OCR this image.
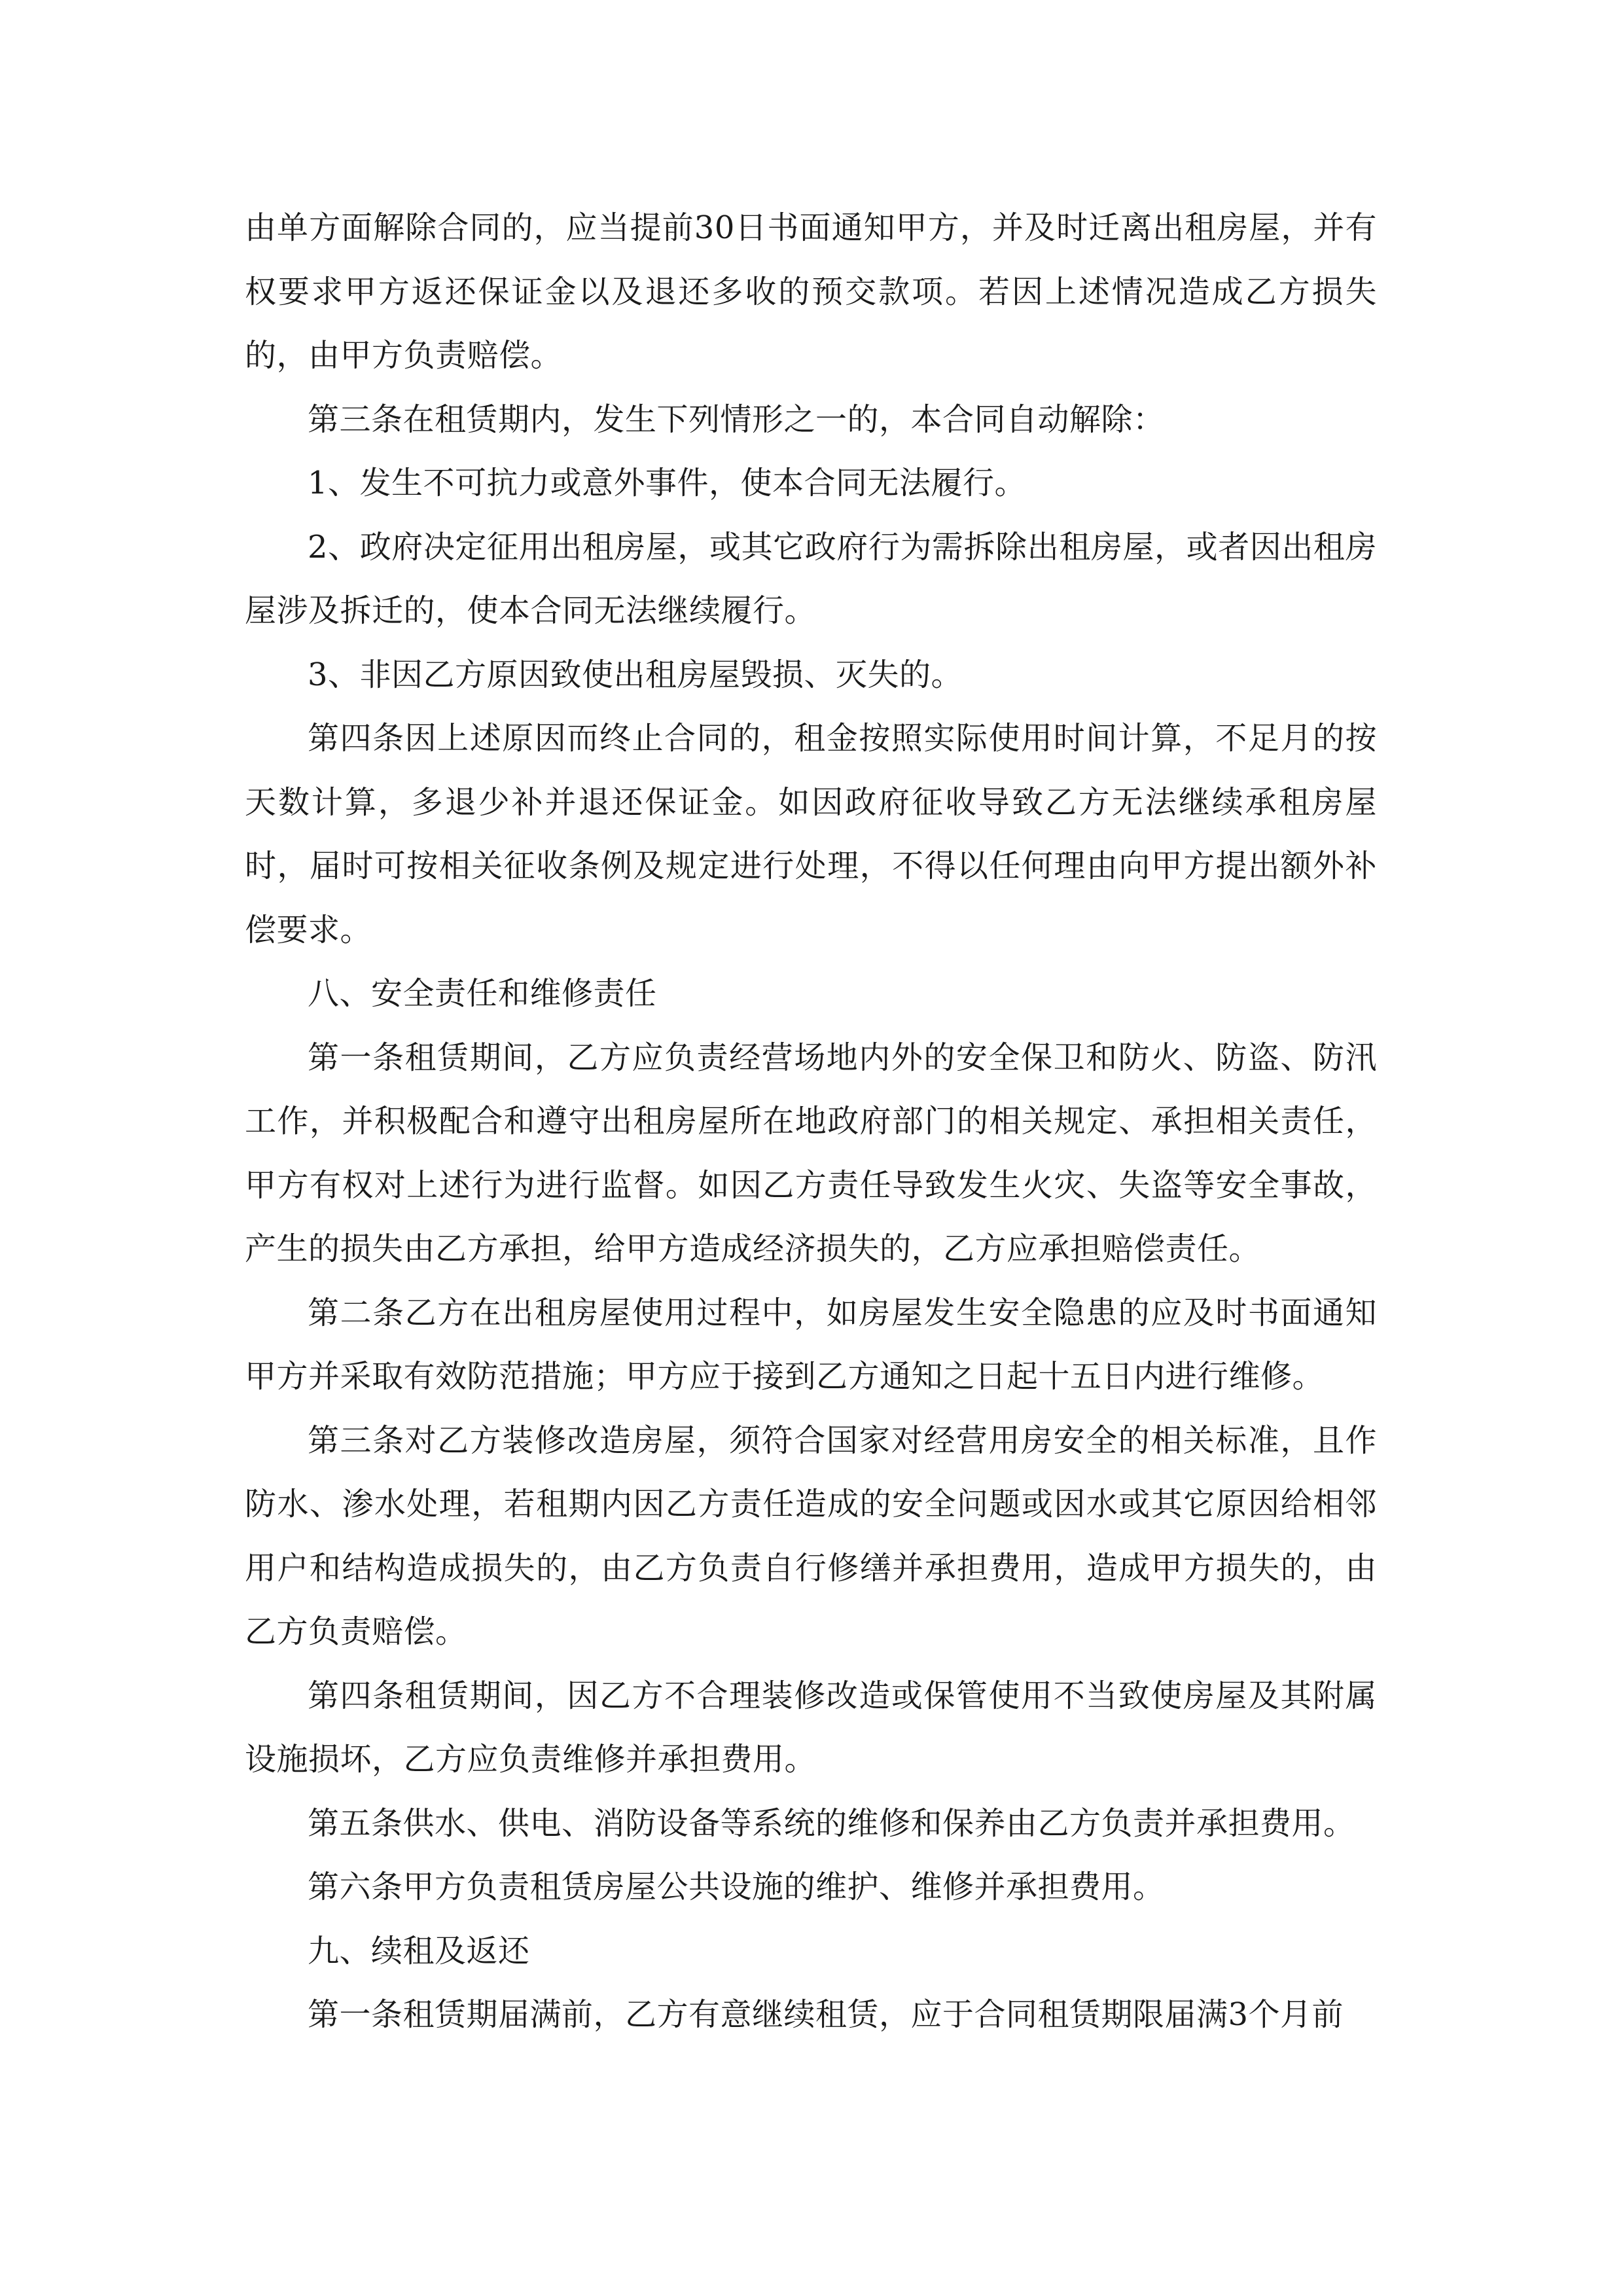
由单方面解除合同的，应当提前30日书面通知甲方，并及时迁离出租房屋，并有权要求甲方返还保证金以及退还多收的预交款项。若因上述情况造成乙方损失的，由甲方负责赔偿。

第三条在租赁期内，发生下列情形之一的，本合同自动解除：

1、发生不可抗力或意外事件，使本合同无法履行。

2、政府决定征用出租房屋，或其它政府行为需拆除出租房屋，或者因出租房屋涉及拆迁的，使本合同无法继续履行。

3、非因乙方原因致使出租房屋毁损、灭失的。

第四条因上述原因而终止合同的，租金按照实际使用时间计算，不足月的按天数计算，多退少补并退还保证金。如因政府征收导致乙方无法继续承租房屋时，届时可按相关征收条例及规定进行处理，不得以任何理由向甲方提出额外补偿要求。

八、安全责任和维修责任

第一条租赁期间，乙方应负责经营场地内外的安全保卫和防火、防盗、防汛工作，并积极配合和遵守出租房屋所在地政府部门的相关规定、承担相关责任，甲方有权对上述行为进行监督。如因乙方责任导致发生火灾、失盗等安全事故，产生的损失由乙方承担，给甲方造成经济损失的，乙方应承担赔偿责任。

第二条乙方在出租房屋使用过程中，如房屋发生安全隐患的应及时书面通知甲方并采取有效防范措施；甲方应于接到乙方通知之日起十五日内进行维修。

第三条对乙方装修改造房屋，须符合国家对经营用房安全的相关标准，且作防水、渗水处理，若租期内因乙方责任造成的安全问题或因水或其它原因给相邻用户和结构造成损失的，由乙方负责自行修缮并承担费用，造成甲方损失的，由乙方负责赔偿。

第四条租赁期间，因乙方不合理装修改造或保管使用不当致使房屋及其附属设施损坏，乙方应负责维修并承担费用。

第五条供水、供电、消防设备等系统的维修和保养由乙方负责并承担费用。

第六条甲方负责租赁房屋公共设施的维护、维修并承担费用。

九、续租及返还

第一条租赁期届满前，乙方有意继续租赁，应于合同租赁期限届满3个月前
